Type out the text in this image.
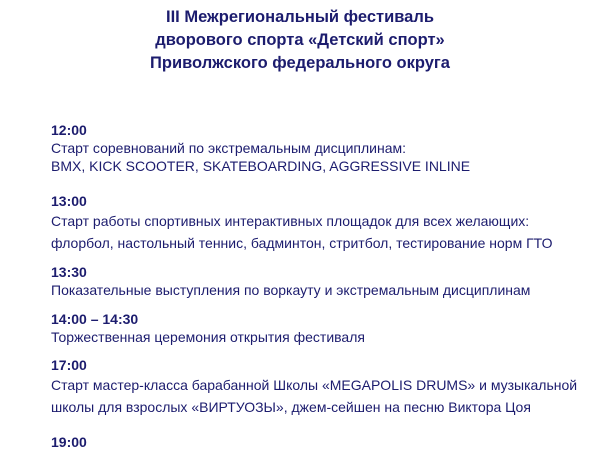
III Межрегиональный фестиваль
дворового спорта «Детский спорт»
Приволжского федерального округа
12:00
Старт соревнований по экстремальным дисциплинам:
BMX, KICK SCOOTER, SKATEBOARDING, AGGRESSIVE INLINE
13:00
Старт работы спортивных интерактивных площадок для всех желающих:
флорбол, настольный теннис, бадминтон, стритбол, тестирование норм ГТО
13:30
Показательные выступления по воркауту и экстремальным дисциплинам
14:00 – 14:30
Торжественная церемония открытия фестиваля
17:00
Старт мастер-класса барабанной Школы «MEGAPOLIS DRUMS» и музыкальной
школы для взрослых «ВИРТУОЗЫ», джем-сейшен на песню Виктора Цоя
19:00
